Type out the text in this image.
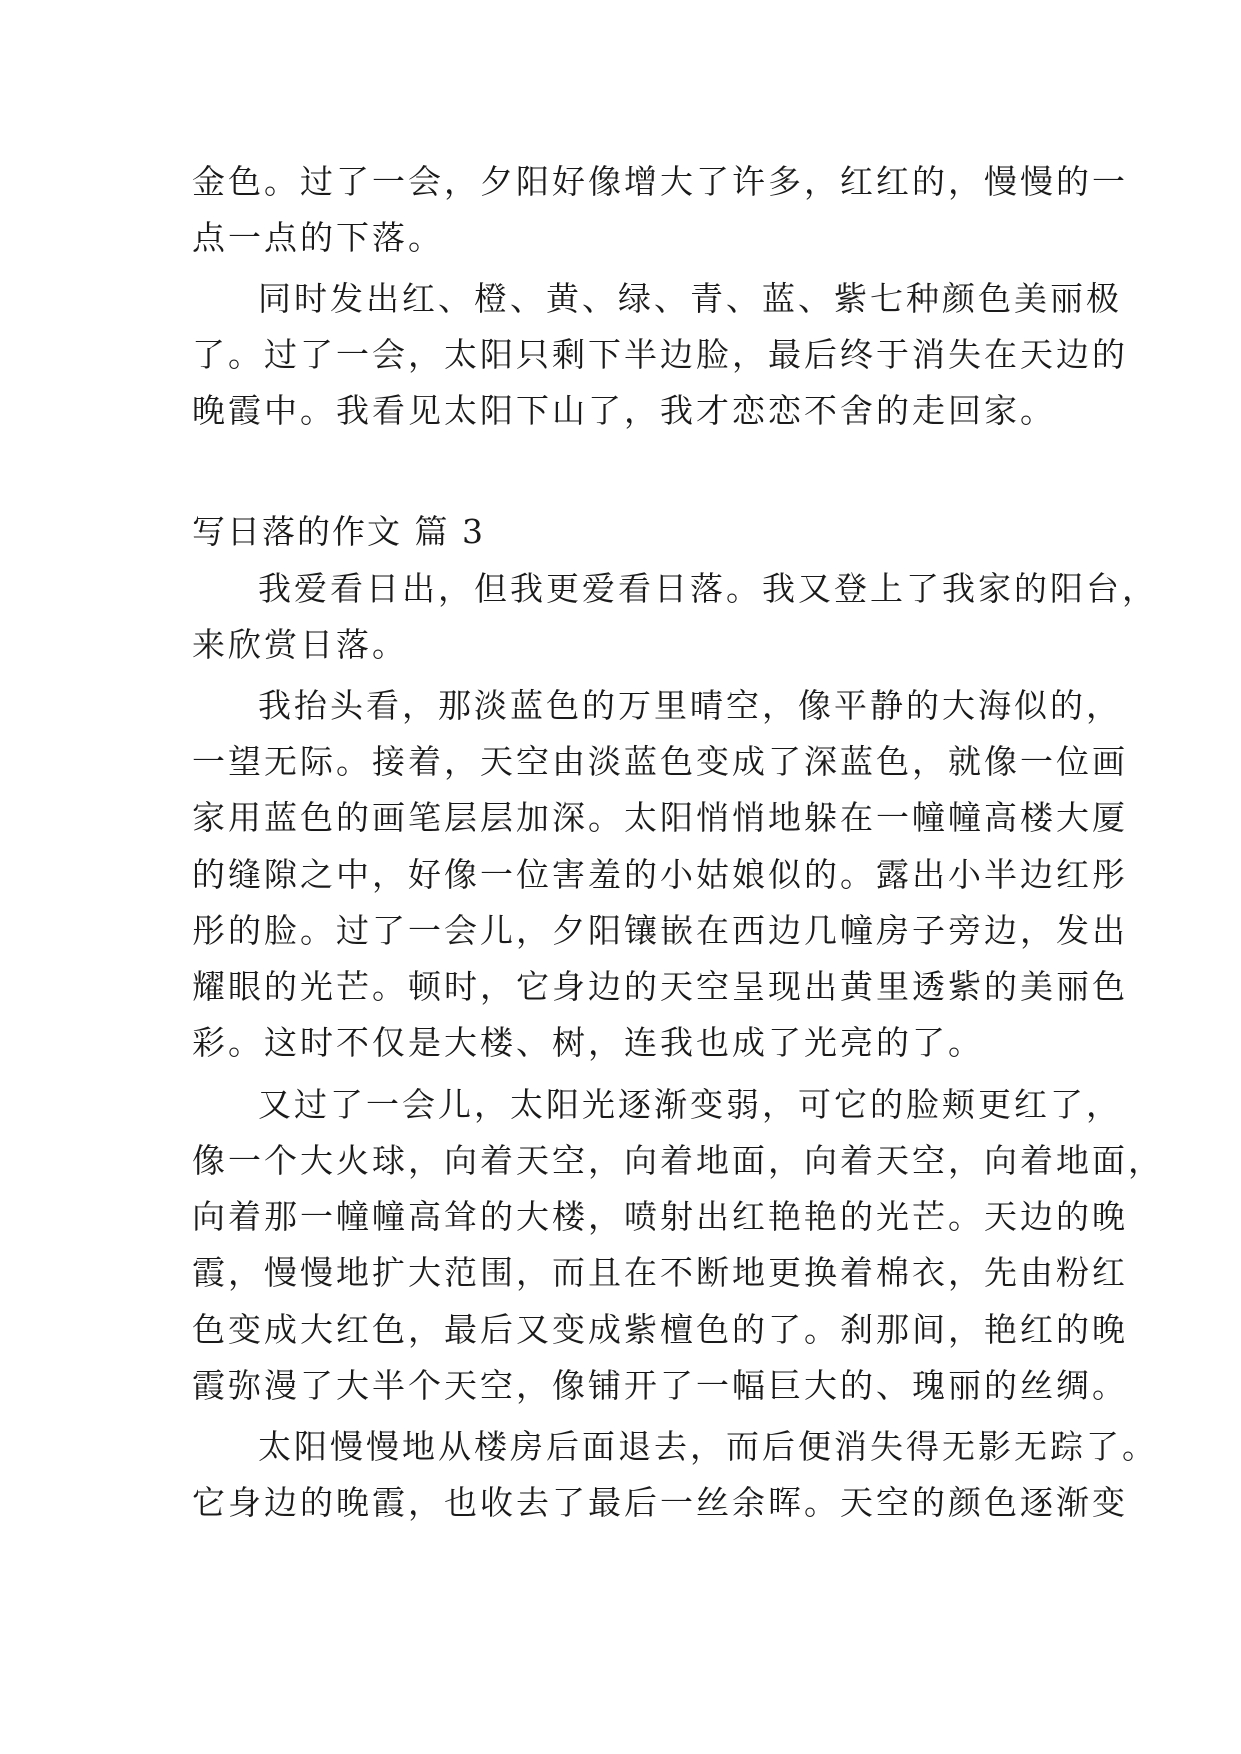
金色。过了一会，夕阳好像增大了许多，红红的，慢慢的一

点一点的下落。

同时发出红、橙、黄、绿、青、蓝、紫七种颜色美丽极

了。过了一会，太阳只剩下半边脸，最后终于消失在天边的

晚霞中。我看见太阳下山了，我才恋恋不舍的走回家。

写日落的作文 篇 3

我爱看日出，但我更爱看日落。我又登上了我家的阳台，

来欣赏日落。

我抬头看，那淡蓝色的万里晴空，像平静的大海似的，

一望无际。接着，天空由淡蓝色变成了深蓝色，就像一位画

家用蓝色的画笔层层加深。太阳悄悄地躲在一幢幢高楼大厦

的缝隙之中，好像一位害羞的小姑娘似的。露出小半边红彤

彤的脸。过了一会儿，夕阳镶嵌在西边几幢房子旁边，发出

耀眼的光芒。顿时，它身边的天空呈现出黄里透紫的美丽色

彩。这时不仅是大楼、树，连我也成了光亮的了。

又过了一会儿，太阳光逐渐变弱，可它的脸颊更红了，

像一个大火球，向着天空，向着地面，向着天空，向着地面，

向着那一幢幢高耸的大楼，喷射出红艳艳的光芒。天边的晚

霞，慢慢地扩大范围，而且在不断地更换着棉衣，先由粉红

色变成大红色，最后又变成紫檀色的了。刹那间，艳红的晚

霞弥漫了大半个天空，像铺开了一幅巨大的、瑰丽的丝绸。

太阳慢慢地从楼房后面退去，而后便消失得无影无踪了。

它身边的晚霞，也收去了最后一丝余晖。天空的颜色逐渐变
